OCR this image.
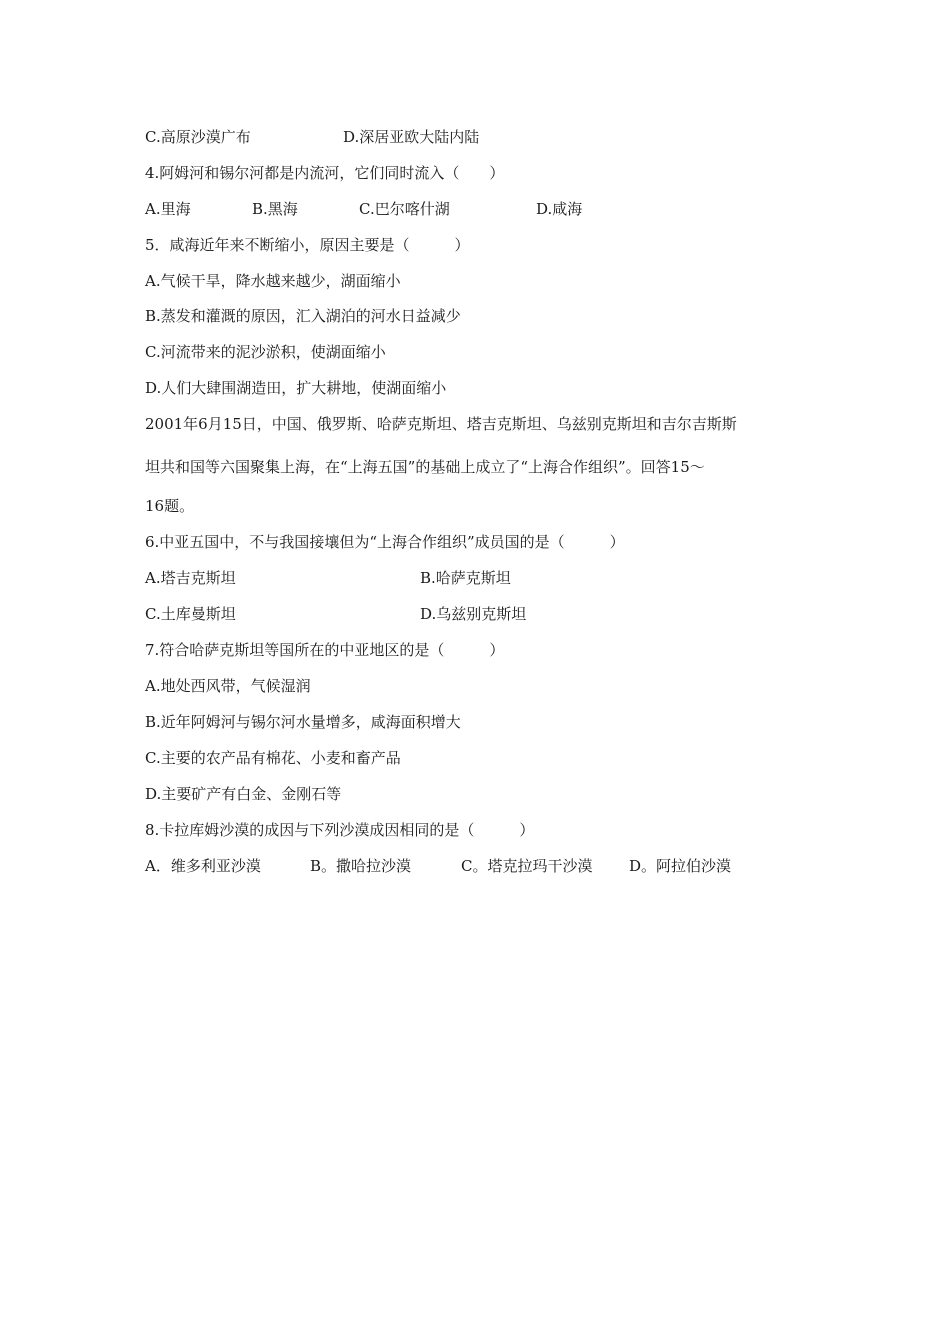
C.高原沙漠广布	D.深居亚欧大陆内陆
4.阿姆河和锡尔河都是内流河，它们同时流入（　　）
A.里海	B.黑海	C.巴尔喀什湖	D.咸海
5．咸海近年来不断缩小，原因主要是（　　　）
A.气候干旱，降水越来越少，湖面缩小
B.蒸发和灌溉的原因，汇入湖泊的河水日益减少
C.河流带来的泥沙淤积，使湖面缩小
D.人们大肆围湖造田，扩大耕地，使湖面缩小
2001年6月15日，中国、俄罗斯、哈萨克斯坦、塔吉克斯坦、乌兹别克斯坦和吉尔吉斯斯
坦共和国等六国聚集上海，在“上海五国”的基础上成立了“上海合作组织”。回答15～
16题。
6.中亚五国中，不与我国接壤但为“上海合作组织”成员国的是（　　　）
A.塔吉克斯坦	B.哈萨克斯坦
C.土库曼斯坦	D.乌兹别克斯坦
7.符合哈萨克斯坦等国所在的中亚地区的是（　　　）
A.地处西风带，气候湿润
B.近年阿姆河与锡尔河水量增多，咸海面积增大
C.主要的农产品有棉花、小麦和畜产品
D.主要矿产有白金、金刚石等
8.卡拉库姆沙漠的成因与下列沙漠成因相同的是（　　　）
A．维多利亚沙漠	B。撒哈拉沙漠	C。塔克拉玛干沙漠 D。阿拉伯沙漠
